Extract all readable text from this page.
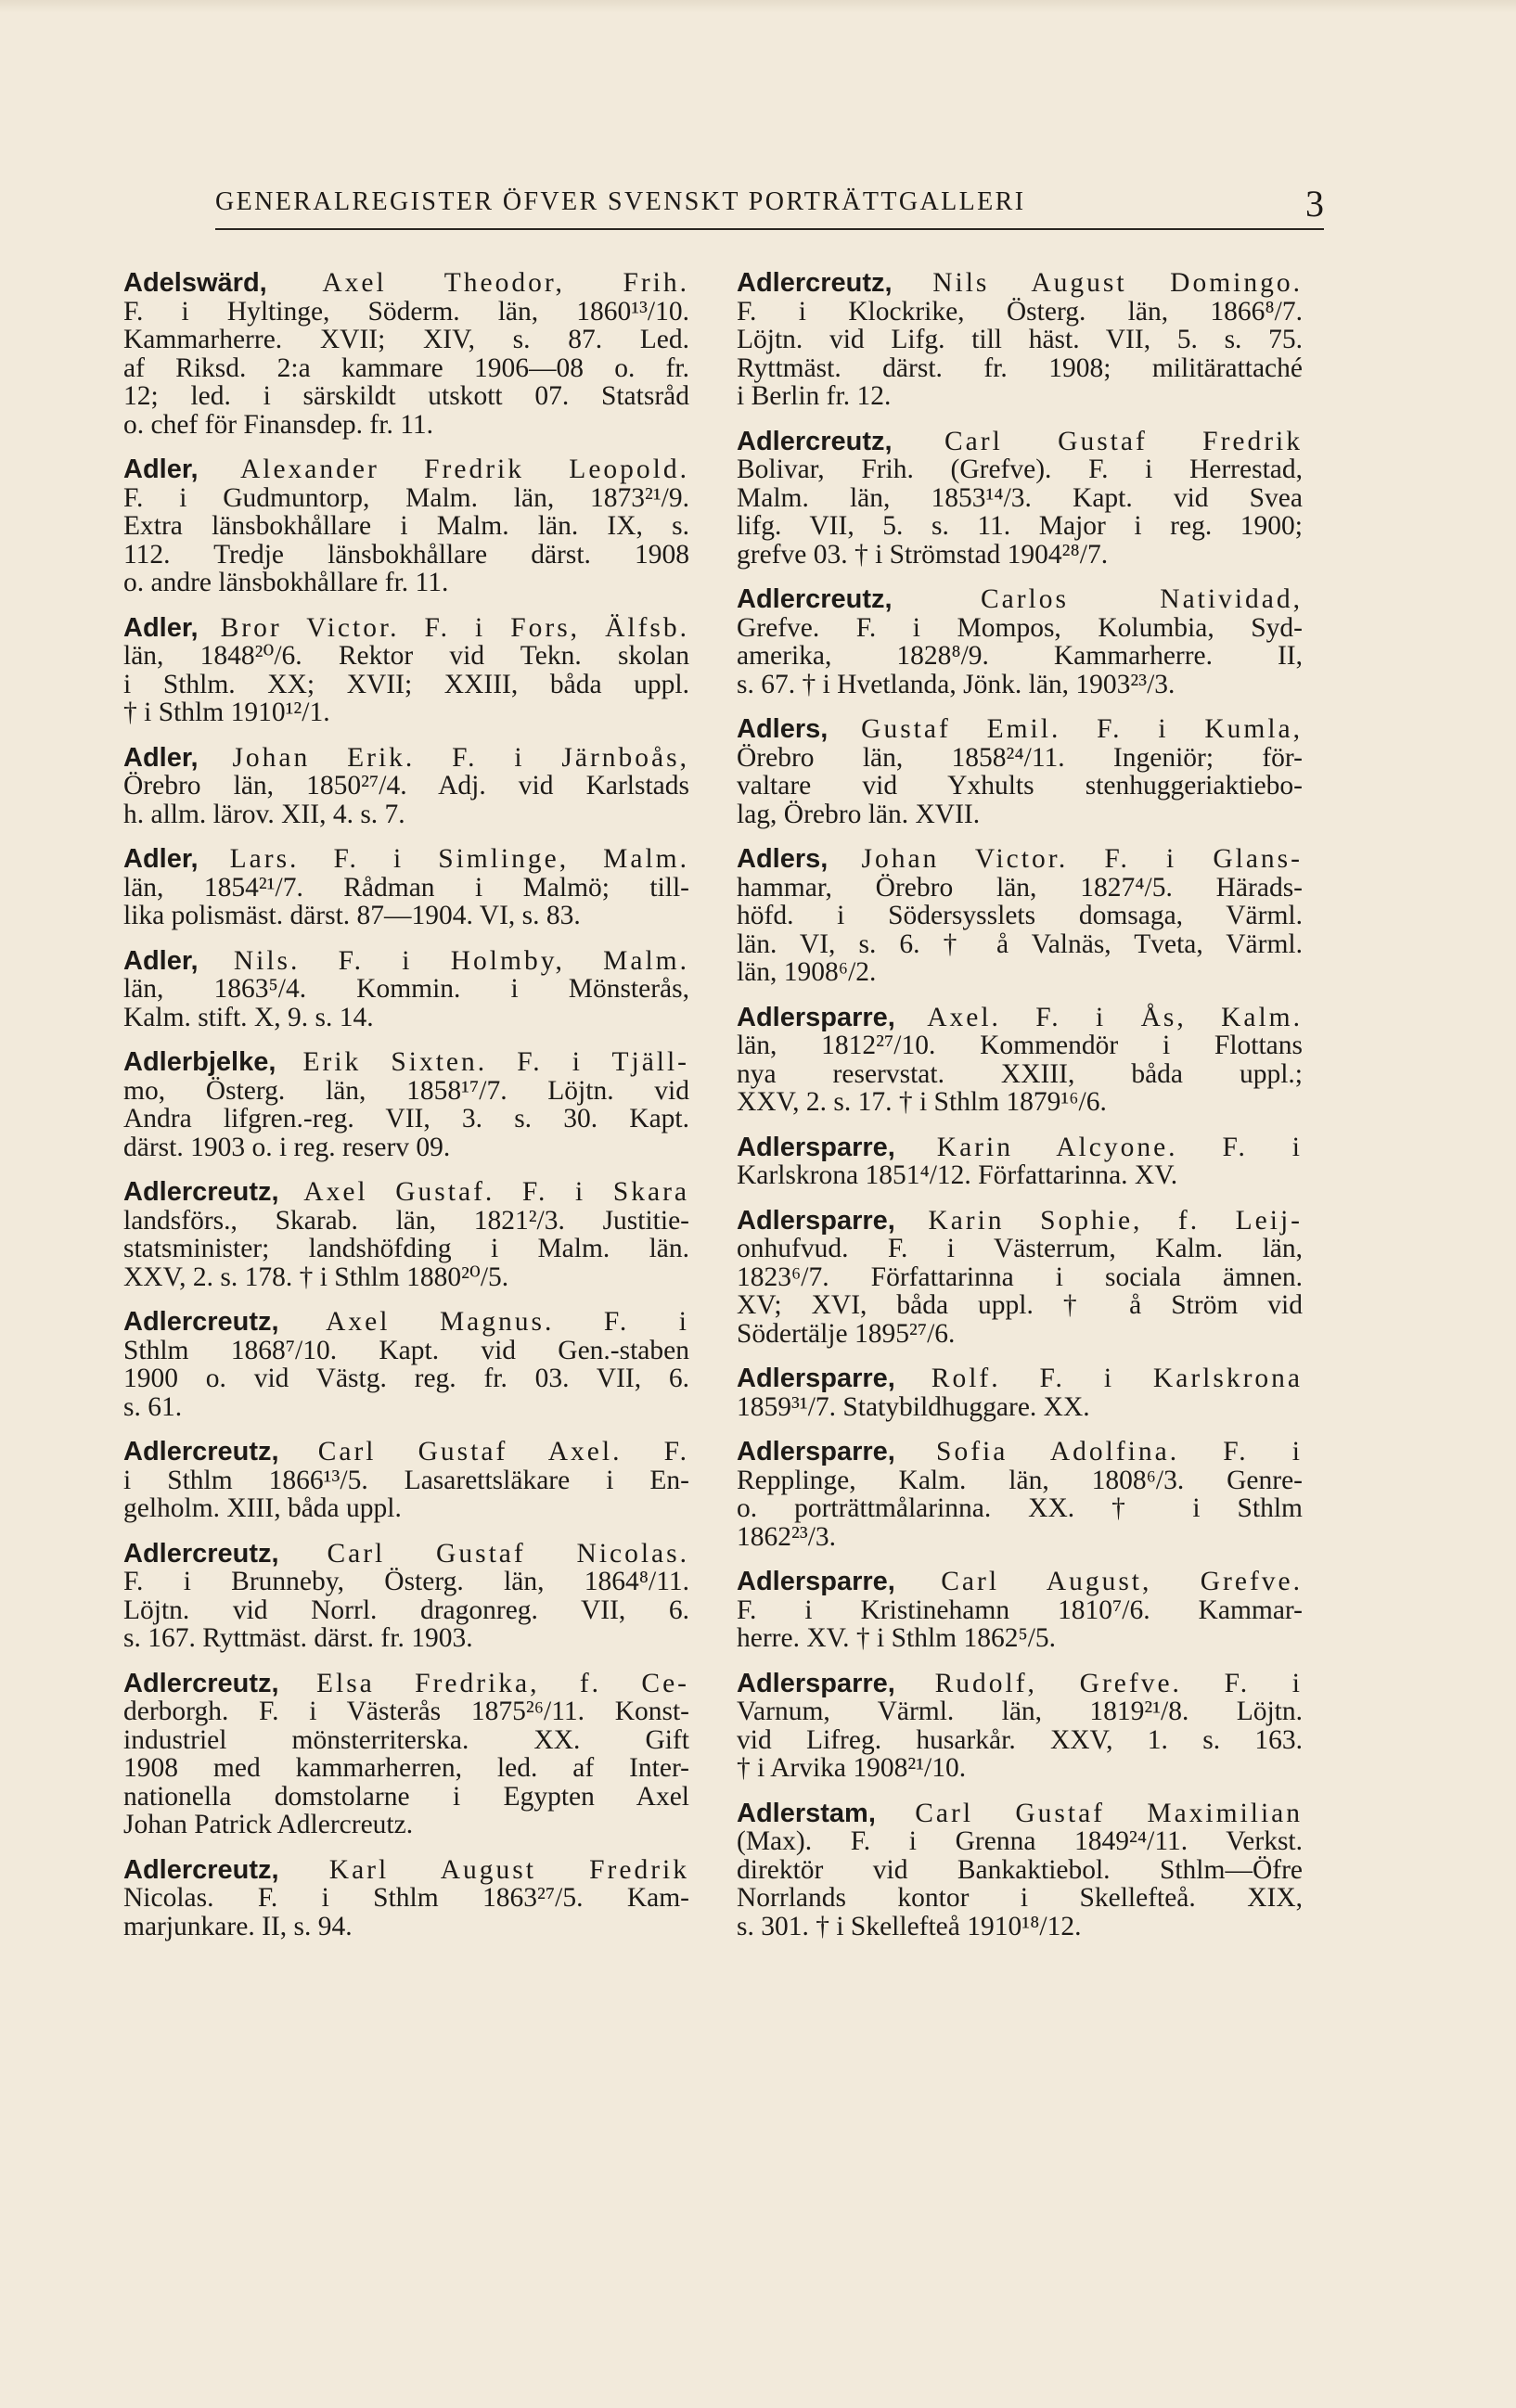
GENERALREGISTER ÖFVER SVENSKT PORTRÄTTGALLERI	3
Adelswärd, Axel Theodor, Frih.
F. i Hyltinge, Söderm. län, 1860¹³/10.
Kammarherre. XVII; XIV, s. 87. Led.
af Riksd. 2:a kammare 1906—08 o. fr.
12; led. i särskildt utskott 07. Statsråd
o. chef för Finansdep. fr. 11.
Adler, Alexander Fredrik Leopold.
F. i Gudmuntorp, Malm. län, 1873²¹/9.
Extra länsbokhållare i Malm. län. IX, s.
112. Tredje länsbokhållare därst. 1908
o. andre länsbokhållare fr. 11.
Adler, Bror Victor. F. i Fors, Älfsb.
län, 1848²⁰/6. Rektor vid Tekn. skolan
i Sthlm. XX; XVII; XXIII, båda uppl.
† i Sthlm 1910¹²/1.
Adler, Johan Erik. F. i Järnboås,
Örebro län, 1850²⁷/4. Adj. vid Karlstads
h. allm. lärov. XII, 4. s. 7.
Adler, Lars. F. i Simlinge, Malm.
län, 1854²¹/7. Rådman i Malmö; till-
lika polismäst. därst. 87—1904. VI, s. 83.
Adler, Nils. F. i Holmby, Malm.
län, 1863⁵/4. Kommin. i Mönsterås,
Kalm. stift. X, 9. s. 14.
Adlerbjelke, Erik Sixten. F. i Tjäll-
mo, Österg. län, 1858¹⁷/7. Löjtn. vid
Andra lifgren.-reg. VII, 3. s. 30. Kapt.
därst. 1903 o. i reg. reserv 09.
Adlercreutz, Axel Gustaf. F. i Skara
landsförs., Skarab. län, 1821²/3. Justitie-
statsminister; landshöfding i Malm. län.
XXV, 2. s. 178. † i Sthlm 1880²⁰/5.
Adlercreutz, Axel Magnus. F. i
Sthlm 1868⁷/10. Kapt. vid Gen.-staben
1900 o. vid Västg. reg. fr. 03. VII, 6.
s. 61.
Adlercreutz, Carl Gustaf Axel. F.
i Sthlm 1866¹³/5. Lasarettsläkare i En-
gelholm. XIII, båda uppl.
Adlercreutz, Carl Gustaf Nicolas.
F. i Brunneby, Österg. län, 1864⁸/11.
Löjtn. vid Norrl. dragonreg. VII, 6.
s. 167. Ryttmäst. därst. fr. 1903.
Adlercreutz, Elsa Fredrika, f. Ce-
derborgh. F. i Västerås 1875²⁶/11. Konst-
industriel mönsterriterska. XX. Gift
1908 med kammarherren, led. af Inter-
nationella domstolarne i Egypten Axel
Johan Patrick Adlercreutz.
Adlercreutz, Karl August Fredrik
Nicolas. F. i Sthlm 1863²⁷/5. Kam-
marjunkare. II, s. 94.
Adlercreutz, Nils August Domingo.
F. i Klockrike, Österg. län, 1866⁸/7.
Löjtn. vid Lifg. till häst. VII, 5. s. 75.
Ryttmäst. därst. fr. 1908; militärattaché
i Berlin fr. 12.
Adlercreutz, Carl Gustaf Fredrik
Bolivar, Frih. (Grefve). F. i Herrestad,
Malm. län, 1853¹⁴/3. Kapt. vid Svea
lifg. VII, 5. s. 11. Major i reg. 1900;
grefve 03. † i Strömstad 1904²⁸/7.
Adlercreutz,	Carlos Natividad,
Grefve. F. i Mompos, Kolumbia, Syd-
amerika, 1828⁸/9. Kammarherre. II,
s. 67. † i Hvetlanda, Jönk. län, 1903²³/3.
Adlers, Gustaf Emil. F. i Kumla,
Örebro län, 1858²⁴/11. Ingeniör; för-
valtare vid Yxhults stenhuggeriaktiebo-
lag, Örebro län. XVII.
Adlers, Johan Victor. F. i Glans-
hammar, Örebro län, 1827⁴/5. Härads-
höfd. i Södersysslets domsaga, Värml.
län. VI, s. 6. † å Valnäs, Tveta, Värml.
län, 1908⁶/2.
Adlersparre, Axel. F. i Ås, Kalm.
län, 1812²⁷/10. Kommendör i Flottans
nya reservstat. XXIII, båda uppl.;
XXV, 2. s. 17. † i Sthlm 1879¹⁶/6.
Adlersparre, Karin Alcyone. F. i
Karlskrona 1851⁴/12. Författarinna. XV.
Adlersparre, Karin Sophie, f. Leij-
onhufvud. F. i Västerrum, Kalm. län,
1823⁶/7. Författarinna i sociala ämnen.
XV; XVI, båda uppl. † å Ström vid
Södertälje 1895²⁷/6.
Adlersparre, Rolf. F. i Karlskrona
1859³¹/7. Statybildhuggare. XX.
Adlersparre, Sofia Adolfina. F. i
Repplinge, Kalm. län, 1808⁶/3. Genre-
o. porträttmålarinna. XX. † i Sthlm
1862²³/3.
Adlersparre, Carl August, Grefve.
F. i Kristinehamn 1810⁷/6. Kammar-
herre. XV. † i Sthlm 1862⁵/5.
Adlersparre, Rudolf, Grefve. F. i
Varnum, Värml. län, 1819²¹/8. Löjtn.
vid Lifreg. husarkår. XXV, 1. s. 163.
† i Arvika 1908²¹/10.
Adlerstam, Carl Gustaf Maximilian
(Max). F. i Grenna 1849²⁴/11. Verkst.
direktör vid Bankaktiebol. Sthlm—Öfre
Norrlands kontor i Skellefteå. XIX,
s. 301. † i Skellefteå 1910¹⁸/12.
